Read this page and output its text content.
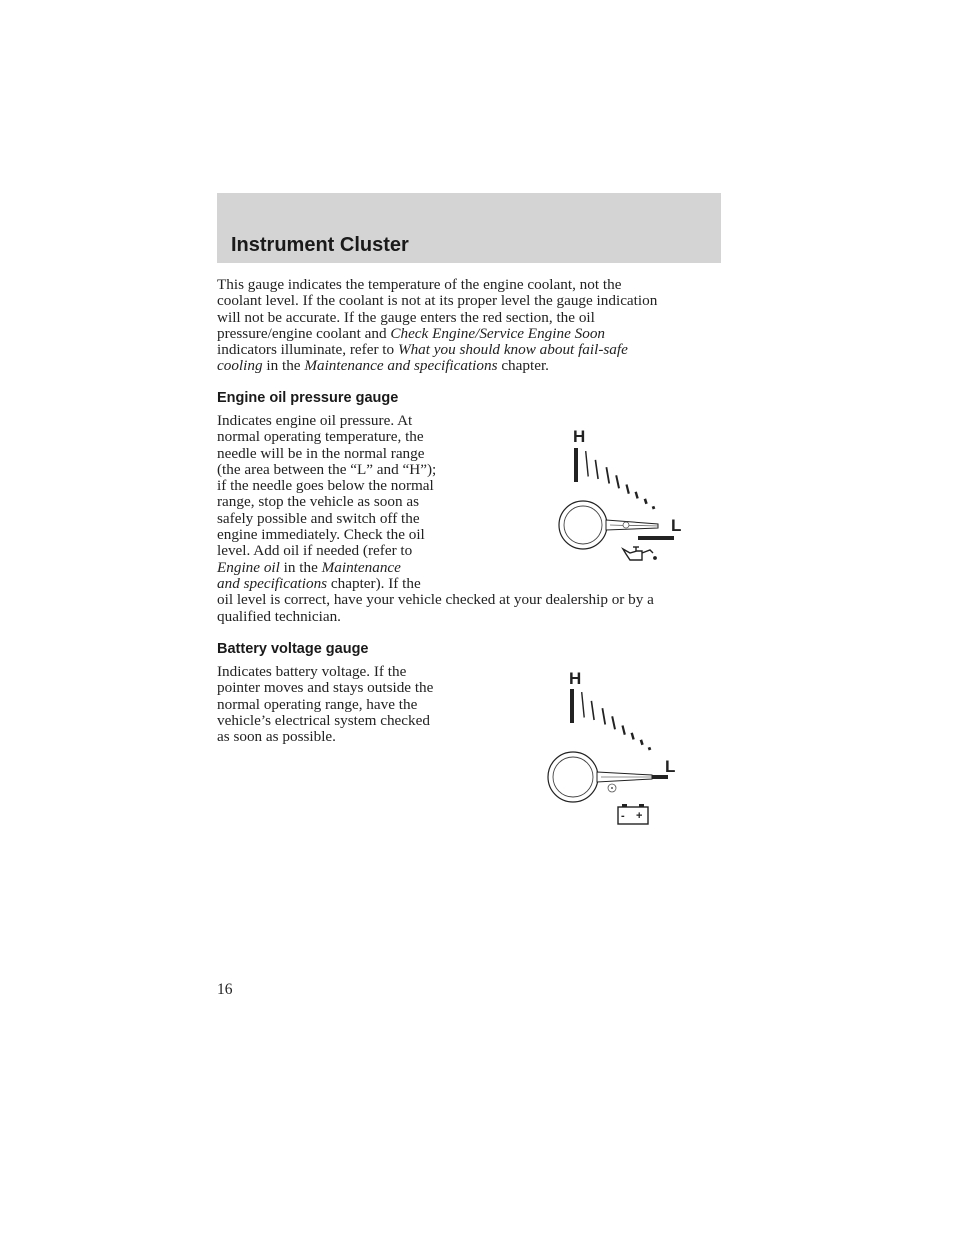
Instrument Cluster
This gauge indicates the temperature of the engine coolant, not the
coolant level. If the coolant is not at its proper level the gauge indication
will not be accurate. If the gauge enters the red section, the oil
pressure/engine coolant and Check Engine/Service Engine Soon
indicators illuminate, refer to What you should know about fail-safe
cooling in the Maintenance and specifications chapter.
Engine oil pressure gauge
Indicates engine oil pressure. At
normal operating temperature, the
needle will be in the normal range
(the area between the “L” and “H”);
if the needle goes below the normal
range, stop the vehicle as soon as
safely possible and switch off the
engine immediately. Check the oil
level. Add oil if needed (refer to
Engine oil in the Maintenance
and specifications chapter). If the
oil level is correct, have your vehicle checked at your dealership or by a
qualified technician.
H
L
Battery voltage gauge
Indicates battery voltage. If the
pointer moves and stays outside the
normal operating range, have the
vehicle’s electrical system checked
as soon as possible.
H
L
- +

16
